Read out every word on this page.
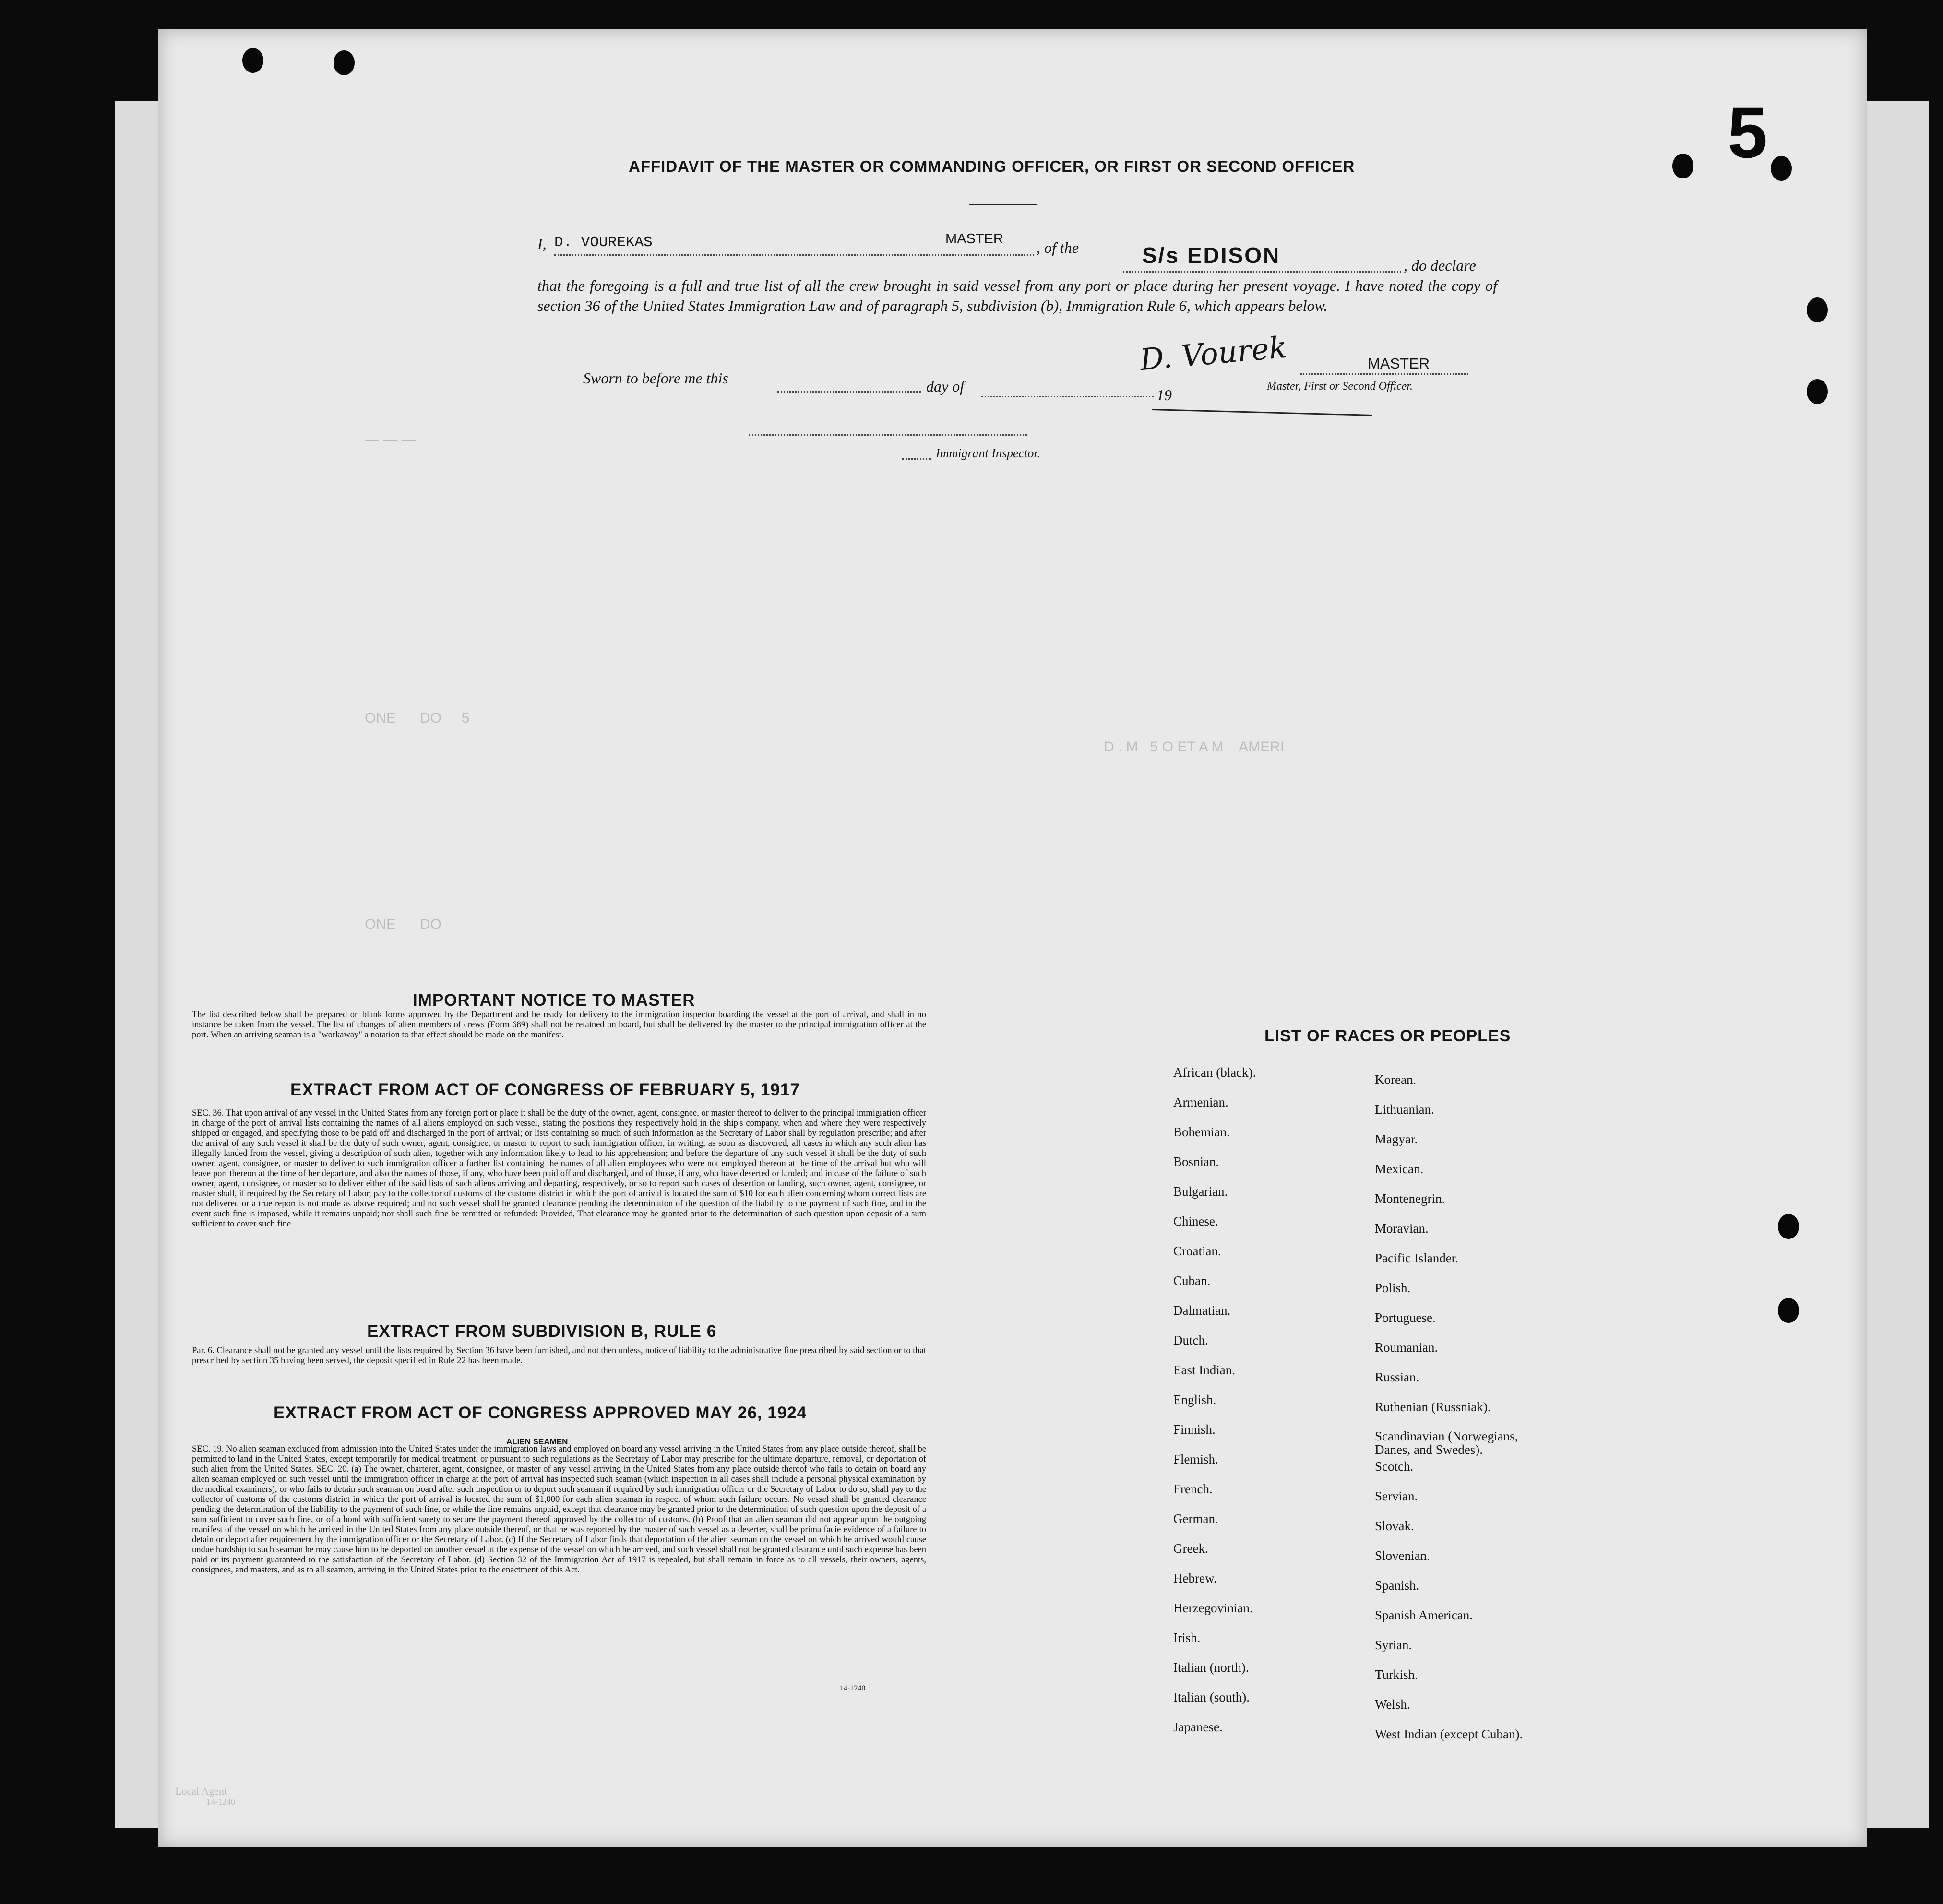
5
— — —
ONE      DO     5
ONE      DO
D . M   5 O ET A M    AMERI
AFFIDAVIT OF THE MASTER OR COMMANDING OFFICER, OR FIRST OR SECOND OFFICER
I, D. VOUREKAS	MASTER , of the	S/s EDISON	, do declare
that the foregoing is a full and true list of all the crew brought in said vessel from any port or place during her present voyage. I have noted the copy of section 36 of the United States Immigration Law and of paragraph 5, subdivision (b), Immigration Rule 6, which appears below.
D. Vourek	MASTER
Master, First or Second Officer.
Sworn to before me this	day of	19
Immigrant Inspector.
IMPORTANT NOTICE TO MASTER
The list described below shall be prepared on blank forms approved by the Department and be ready for delivery to the immigration inspector boarding the vessel at the port of arrival, and shall in no instance be taken from the vessel. The list of changes of alien members of crews (Form 689) shall not be retained on board, but shall be delivered by the master to the principal immigration officer at the port. When an arriving seaman is a "workaway" a notation to that effect should be made on the manifest.
EXTRACT FROM ACT OF CONGRESS OF FEBRUARY 5, 1917
SEC. 36. That upon arrival of any vessel in the United States from any foreign port or place it shall be the duty of the owner, agent, consignee, or master thereof to deliver to the principal immigration officer in charge of the port of arrival lists containing the names of all aliens employed on such vessel, stating the positions they respectively hold in the ship's company, when and where they were respectively shipped or engaged, and specifying those to be paid off and discharged in the port of arrival; or lists containing so much of such information as the Secretary of Labor shall by regulation prescribe; and after the arrival of any such vessel it shall be the duty of such owner, agent, consignee, or master to report to such immigration officer, in writing, as soon as discovered, all cases in which any such alien has illegally landed from the vessel, giving a description of such alien, together with any information likely to lead to his apprehension; and before the departure of any such vessel it shall be the duty of such owner, agent, consignee, or master to deliver to such immigration officer a further list containing the names of all alien employees who were not employed thereon at the time of the arrival but who will leave port thereon at the time of her departure, and also the names of those, if any, who have been paid off and discharged, and of those, if any, who have deserted or landed; and in case of the failure of such owner, agent, consignee, or master so to deliver either of the said lists of such aliens arriving and departing, respectively, or so to report such cases of desertion or landing, such owner, agent, consignee, or master shall, if required by the Secretary of Labor, pay to the collector of customs of the customs district in which the port of arrival is located the sum of $10 for each alien concerning whom correct lists are not delivered or a true report is not made as above required; and no such vessel shall be granted clearance pending the determination of the question of the liability to the payment of such fine, and in the event such fine is imposed, while it remains unpaid; nor shall such fine be remitted or refunded: Provided, That clearance may be granted prior to the determination of such question upon deposit of a sum sufficient to cover such fine.
EXTRACT FROM SUBDIVISION B, RULE 6
Par. 6. Clearance shall not be granted any vessel until the lists required by Section 36 have been furnished, and not then unless, notice of liability to the administrative fine prescribed by said section or to that prescribed by section 35 having been served, the deposit specified in Rule 22 has been made.
EXTRACT FROM ACT OF CONGRESS APPROVED MAY 26, 1924
ALIEN SEAMEN
SEC. 19. No alien seaman excluded from admission into the United States under the immigration laws and employed on board any vessel arriving in the United States from any place outside thereof, shall be permitted to land in the United States, except temporarily for medical treatment, or pursuant to such regulations as the Secretary of Labor may prescribe for the ultimate departure, removal, or deportation of such alien from the United States. SEC. 20. (a) The owner, charterer, agent, consignee, or master of any vessel arriving in the United States from any place outside thereof who fails to detain on board any alien seaman employed on such vessel until the immigration officer in charge at the port of arrival has inspected such seaman (which inspection in all cases shall include a personal physical examination by the medical examiners), or who fails to detain such seaman on board after such inspection or to deport such seaman if required by such immigration officer or the Secretary of Labor to do so, shall pay to the collector of customs of the customs district in which the port of arrival is located the sum of $1,000 for each alien seaman in respect of whom such failure occurs. No vessel shall be granted clearance pending the determination of the liability to the payment of such fine, or while the fine remains unpaid, except that clearance may be granted prior to the determination of such question upon the deposit of a sum sufficient to cover such fine, or of a bond with sufficient surety to secure the payment thereof approved by the collector of customs. (b) Proof that an alien seaman did not appear upon the outgoing manifest of the vessel on which he arrived in the United States from any place outside thereof, or that he was reported by the master of such vessel as a deserter, shall be prima facie evidence of a failure to detain or deport after requirement by the immigration officer or the Secretary of Labor. (c) If the Secretary of Labor finds that deportation of the alien seaman on the vessel on which he arrived would cause undue hardship to such seaman he may cause him to be deported on another vessel at the expense of the vessel on which he arrived, and such vessel shall not be granted clearance until such expense has been paid or its payment guaranteed to the satisfaction of the Secretary of Labor. (d) Section 32 of the Immigration Act of 1917 is repealed, but shall remain in force as to all vessels, their owners, agents, consignees, and masters, and as to all seamen, arriving in the United States prior to the enactment of this Act.
14-1240
LIST OF RACES OR PEOPLES
African (black).
Armenian.
Bohemian.
Bosnian.
Bulgarian.
Chinese.
Croatian.
Cuban.
Dalmatian.
Dutch.
East Indian.
English.
Finnish.
Flemish.
French.
German.
Greek.
Hebrew.
Herzegovinian.
Irish.
Italian (north).
Italian (south).
Japanese.
Korean.
Lithuanian.
Magyar.
Mexican.
Montenegrin.
Moravian.
Pacific Islander.
Polish.
Portuguese.
Roumanian.
Russian.
Ruthenian (Russniak).
Scandinavian (Norwegians, Danes, and Swedes).
Scotch.
Servian.
Slovak.
Slovenian.
Spanish.
Spanish American.
Syrian.
Turkish.
Welsh.
West Indian (except Cuban).
Local Agent
14-1240
